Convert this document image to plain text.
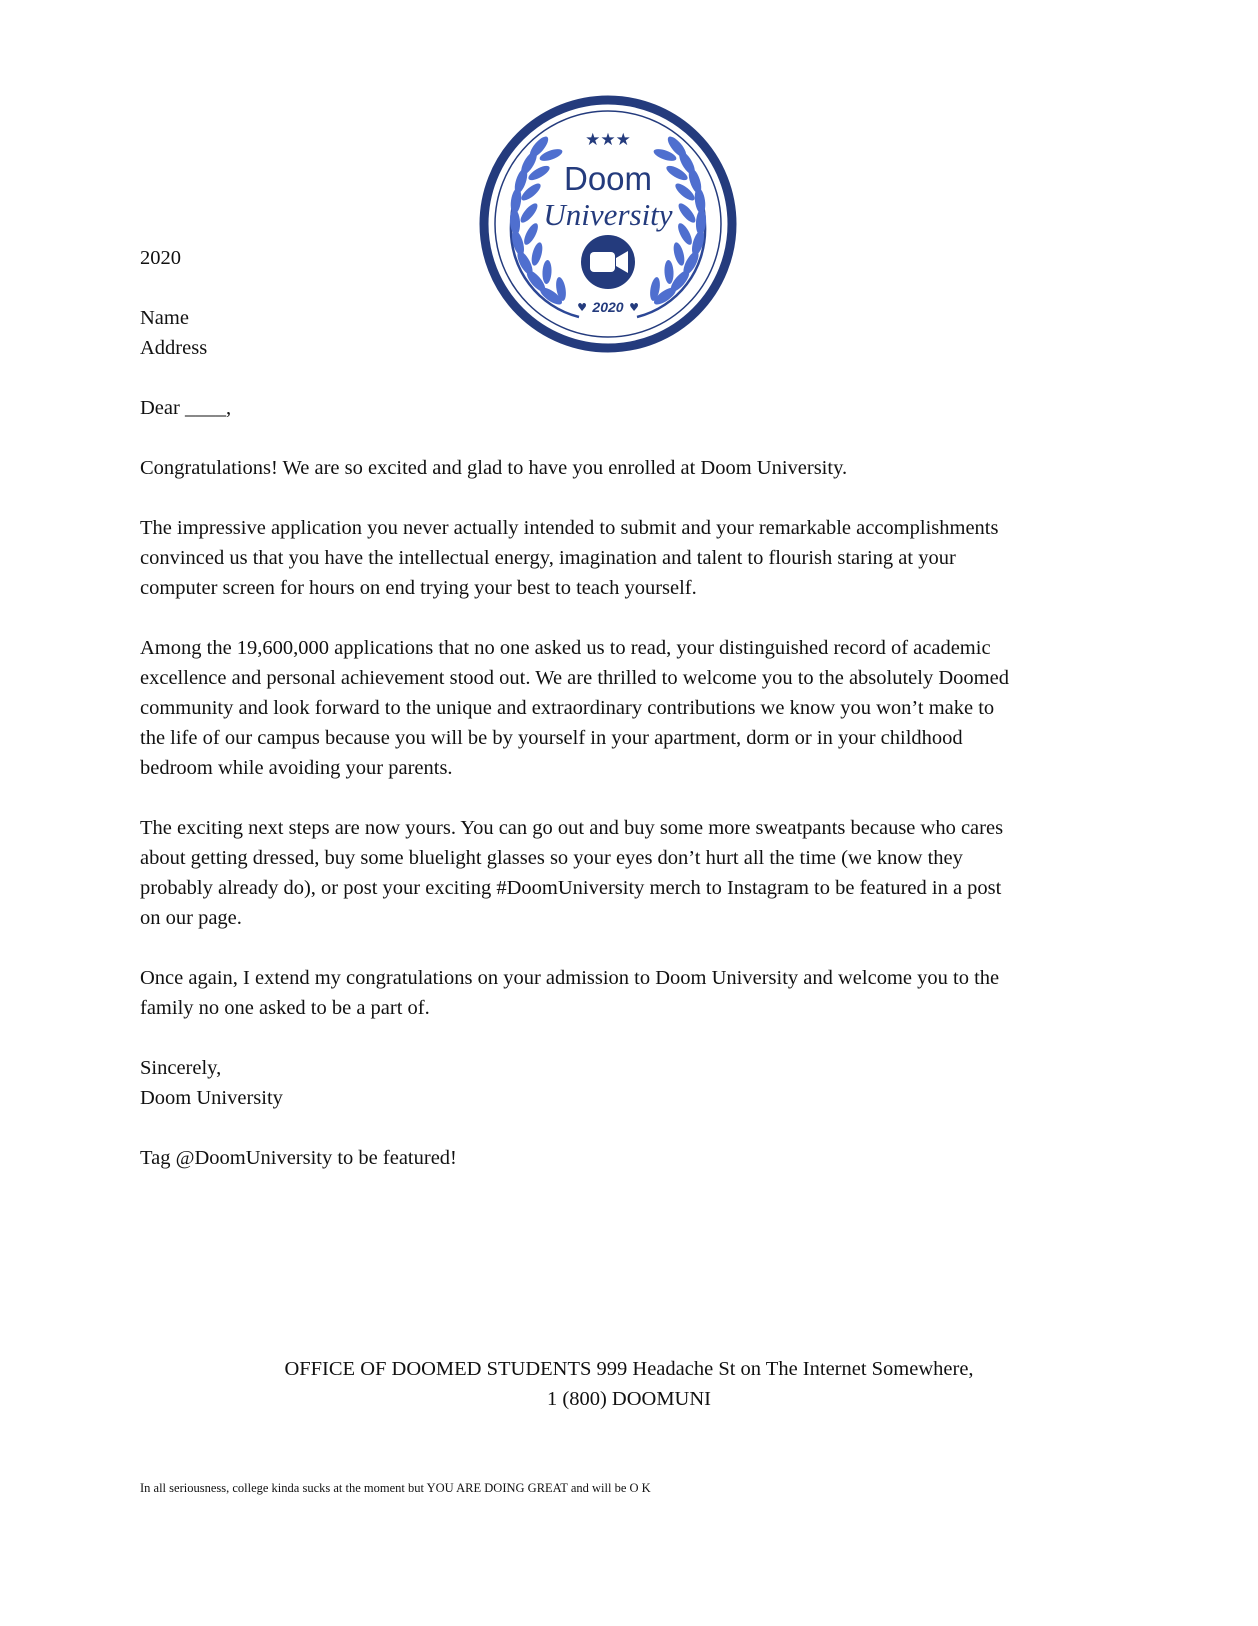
★★★
Doom
University
2020
♥	♥
2020
Name
Address
Dear ____,
Congratulations! We are so excited and glad to have you enrolled at Doom University.
The impressive application you never actually intended to submit and your remarkable accomplishments
convinced us that you have the intellectual energy, imagination and talent to flourish staring at your
computer screen for hours on end trying your best to teach yourself.
Among the 19,600,000 applications that no one asked us to read, your distinguished record of academic
excellence and personal achievement stood out. We are thrilled to welcome you to the absolutely Doomed
community and look forward to the unique and extraordinary contributions we know you won’t make to
the life of our campus because you will be by yourself in your apartment, dorm or in your childhood
bedroom while avoiding your parents.
The exciting next steps are now yours. You can go out and buy some more sweatpants because who cares
about getting dressed, buy some bluelight glasses so your eyes don’t hurt all the time (we know they
probably already do), or post your exciting #DoomUniversity merch to Instagram to be featured in a post
on our page.
Once again, I extend my congratulations on your admission to Doom University and welcome you to the
family no one asked to be a part of.
Sincerely,
Doom University
Tag @DoomUniversity to be featured!
OFFICE OF DOOMED STUDENTS 999 Headache St on The Internet Somewhere,
1 (800) DOOMUNI
In all seriousness, college kinda sucks at the moment but YOU ARE DOING GREAT and will be O K
